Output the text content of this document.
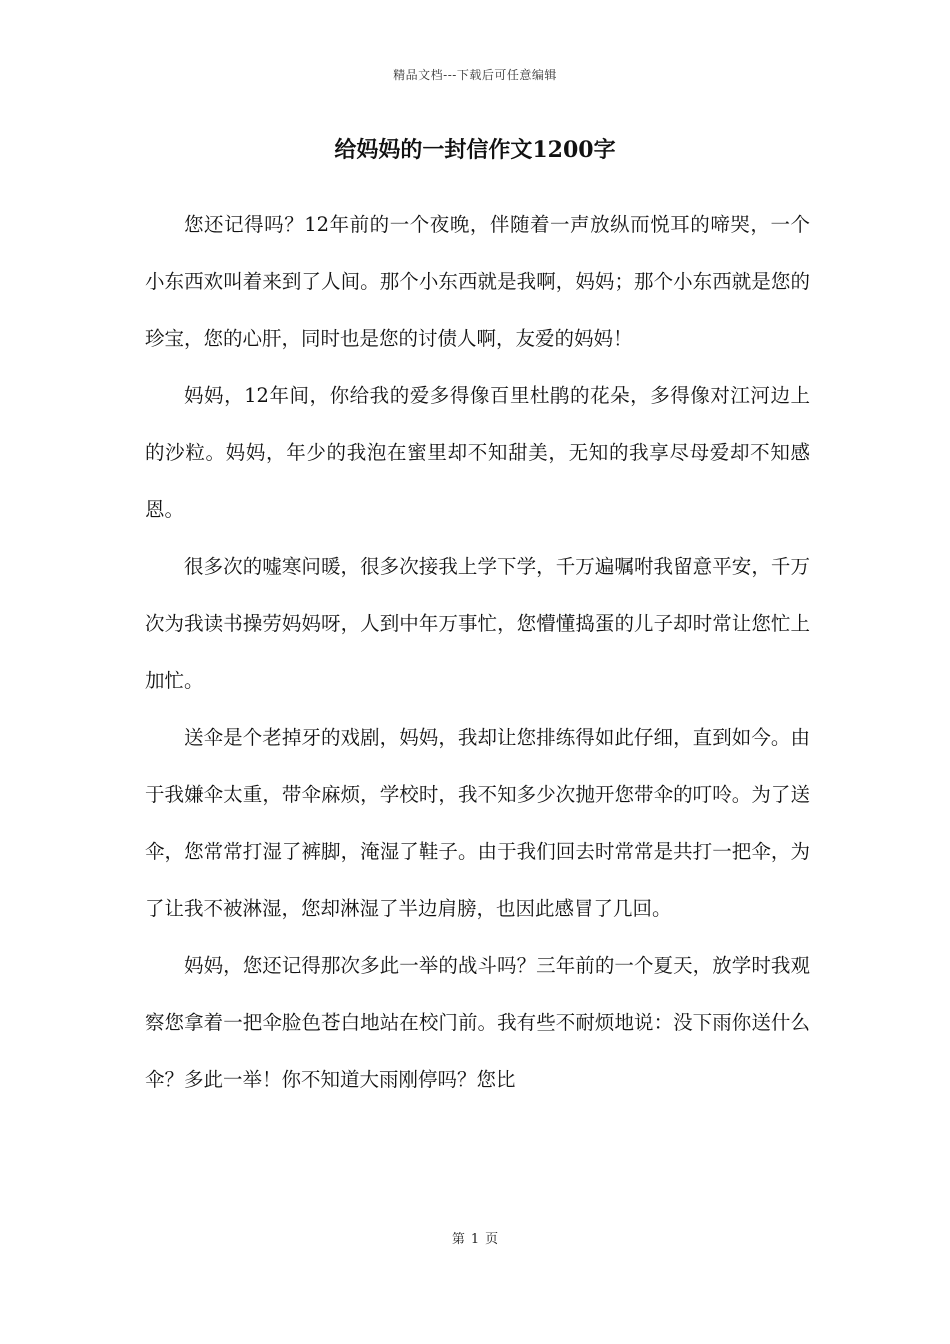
精品文档---下载后可任意编辑
给妈妈的一封信作文1200字

您还记得吗？12年前的一个夜晚，伴随着一声放纵而悦耳的啼哭，一个小东西欢叫着来到了人间。那个小东西就是我啊，妈妈；那个小东西就是您的珍宝，您的心肝，同时也是您的讨债人啊，友爱的妈妈！

妈妈，12年间，你给我的爱多得像百里杜鹃的花朵，多得像对江河边上的沙粒。妈妈，年少的我泡在蜜里却不知甜美，无知的我享尽母爱却不知感恩。

很多次的嘘寒问暖，很多次接我上学下学，千万遍嘱咐我留意平安，千万次为我读书操劳妈妈呀，人到中年万事忙，您懵懂捣蛋的儿子却时常让您忙上加忙。

送伞是个老掉牙的戏剧，妈妈，我却让您排练得如此仔细，直到如今。由于我嫌伞太重，带伞麻烦，学校时，我不知多少次抛开您带伞的叮呤。为了送伞，您常常打湿了裤脚，淹湿了鞋子。由于我们回去时常常是共打一把伞，为了让我不被淋湿，您却淋湿了半边肩膀，也因此感冒了几回。

妈妈，您还记得那次多此一举的战斗吗？三年前的一个夏天，放学时我观察您拿着一把伞脸色苍白地站在校门前。我有些不耐烦地说：没下雨你送什么伞？多此一举！你不知道大雨刚停吗？您比

第 1 页
